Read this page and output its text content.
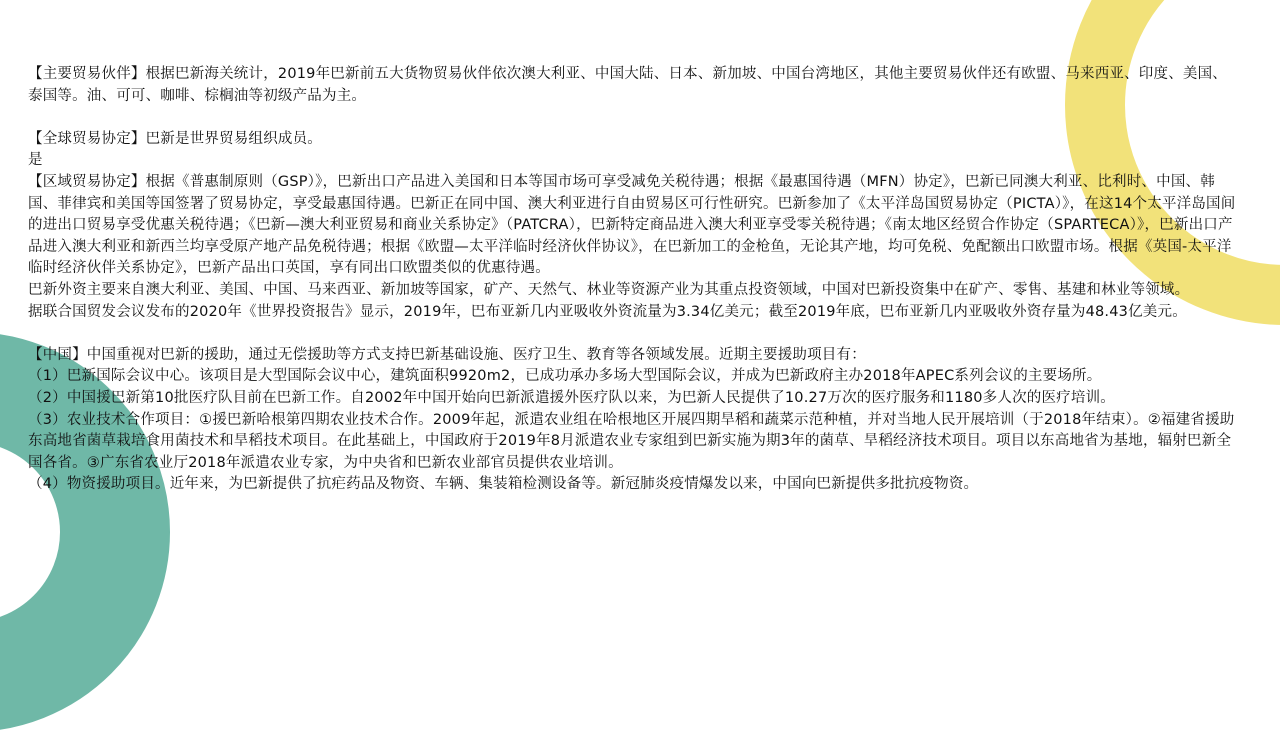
【主要贸易伙伴】根据巴新海关统计，2019年巴新前五大货物贸易伙伴依次澳大利亚、中国大陆、日本、新加坡、中国台湾地区，其他主要贸易伙伴还有欧盟、马来西亚、印度、美国、泰国等。油、可可、咖啡、棕榈油等初级产品为主。

【全球贸易协定】巴新是世界贸易组织成员。

是

【区域贸易协定】根据《普惠制原则（GSP）》，巴新出口产品进入美国和日本等国市场可享受减免关税待遇；根据《最惠国待遇（MFN）协定》，巴新已同澳大利亚、比利时、中国、韩国、菲律宾和美国等国签署了贸易协定，享受最惠国待遇。巴新正在同中国、澳大利亚进行自由贸易区可行性研究。巴新参加了《太平洋岛国贸易协定（PICTA）》，在这14个太平洋岛国间的进出口贸易享受优惠关税待遇；《巴新—澳大利亚贸易和商业关系协定》（PATCRA），巴新特定商品进入澳大利亚享受零关税待遇；《南太地区经贸合作协定（SPARTECA）》，巴新出口产品进入澳大利亚和新西兰均享受原产地产品免税待遇；根据《欧盟—太平洋临时经济伙伴协议》，在巴新加工的金枪鱼，无论其产地，均可免税、免配额出口欧盟市场。根据《英国-太平洋临时经济伙伴关系协定》，巴新产品出口英国，享有同出口欧盟类似的优惠待遇。

巴新外资主要来自澳大利亚、美国、中国、马来西亚、新加坡等国家，矿产、天然气、林业等资源产业为其重点投资领域，中国对巴新投资集中在矿产、零售、基建和林业等领域。

据联合国贸发会议发布的2020年《世界投资报告》显示，2019年，巴布亚新几内亚吸收外资流量为3.34亿美元；截至2019年底，巴布亚新几内亚吸收外资存量为48.43亿美元。

【中国】中国重视对巴新的援助，通过无偿援助等方式支持巴新基础设施、医疗卫生、教育等各领域发展。近期主要援助项目有：

（1）巴新国际会议中心。该项目是大型国际会议中心，建筑面积9920m2，已成功承办多场大型国际会议，并成为巴新政府主办2018年APEC系列会议的主要场所。

（2）中国援巴新第10批医疗队目前在巴新工作。自2002年中国开始向巴新派遣援外医疗队以来，为巴新人民提供了10.27万次的医疗服务和1180多人次的医疗培训。

（3）农业技术合作项目：①援巴新哈根第四期农业技术合作。2009年起，派遣农业组在哈根地区开展四期旱稻和蔬菜示范种植，并对当地人民开展培训（于2018年结束）。②福建省援助东高地省菌草栽培食用菌技术和旱稻技术项目。在此基础上，中国政府于2019年8月派遣农业专家组到巴新实施为期3年的菌草、旱稻经济技术项目。项目以东高地省为基地，辐射巴新全国各省。③广东省农业厅2018年派遣农业专家，为中央省和巴新农业部官员提供农业培训。

（4）物资援助项目。近年来，为巴新提供了抗疟药品及物资、车辆、集装箱检测设备等。新冠肺炎疫情爆发以来，中国向巴新提供多批抗疫物资。
